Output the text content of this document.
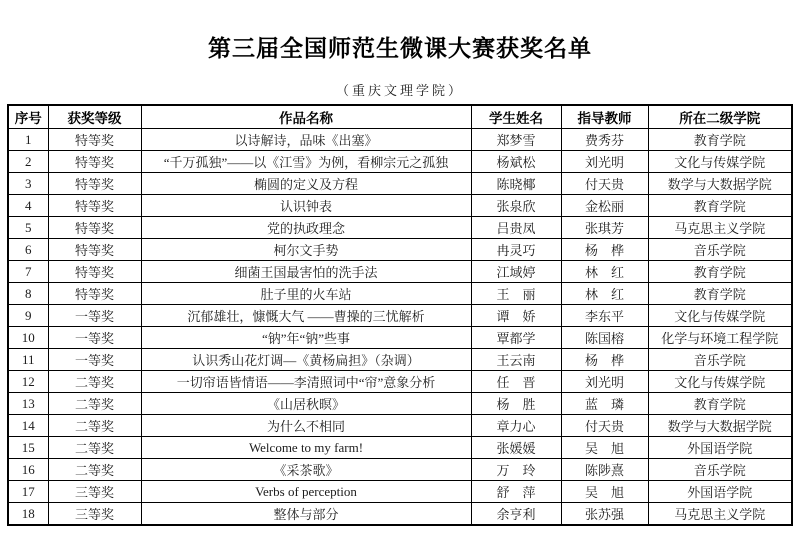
第三届全国师范生微课大赛获奖名单
（重庆文理学院）
序号	获奖等级	作品名称	学生姓名	指导教师	所在二级学院
1	特等奖	以诗解诗，品味《出塞》	郑梦雪	费秀芬	教育学院
2	特等奖	“千万孤独”——以《江雪》为例，看柳宗元之孤独	杨斌松	刘光明	文化与传媒学院
3	特等奖	椭圆的定义及方程	陈晓椰	付天贵	数学与大数据学院
4	特等奖	认识钟表	张泉欣	金松丽	教育学院
5	特等奖	党的执政理念	吕贵凤	张琪芳	马克思主义学院
6	特等奖	柯尔文手势	冉灵巧	杨　桦	音乐学院
7	特等奖	细菌王国最害怕的洗手法	江域婷	林　红	教育学院
8	特等奖	肚子里的火车站	王　丽	林　红	教育学院
9	一等奖	沉郁雄壮，慷慨大气 ——曹操的三忧解析	谭　娇	李东平	文化与传媒学院
10	一等奖	“钠”年“钠”些事	覃都学	陈国榕	化学与环境工程学院
11	一等奖	认识秀山花灯调—《黄杨扁担》（杂调）	王云南	杨　桦	音乐学院
12	二等奖	一切帘语皆情语——李清照词中“帘”意象分析	任　晋	刘光明	文化与传媒学院
13	二等奖	《山居秋暝》	杨　胜	蓝　璘	教育学院
14	二等奖	为什么不相同	章力心	付天贵	数学与大数据学院
15	二等奖	Welcome to my farm!	张媛媛	吴　旭	外国语学院
16	二等奖	《采茶歌》	万　玲	陈陟熹	音乐学院
17	三等奖	Verbs of perception	舒　萍	吴　旭	外国语学院
18	三等奖	整体与部分	余亨利	张苏强	马克思主义学院
